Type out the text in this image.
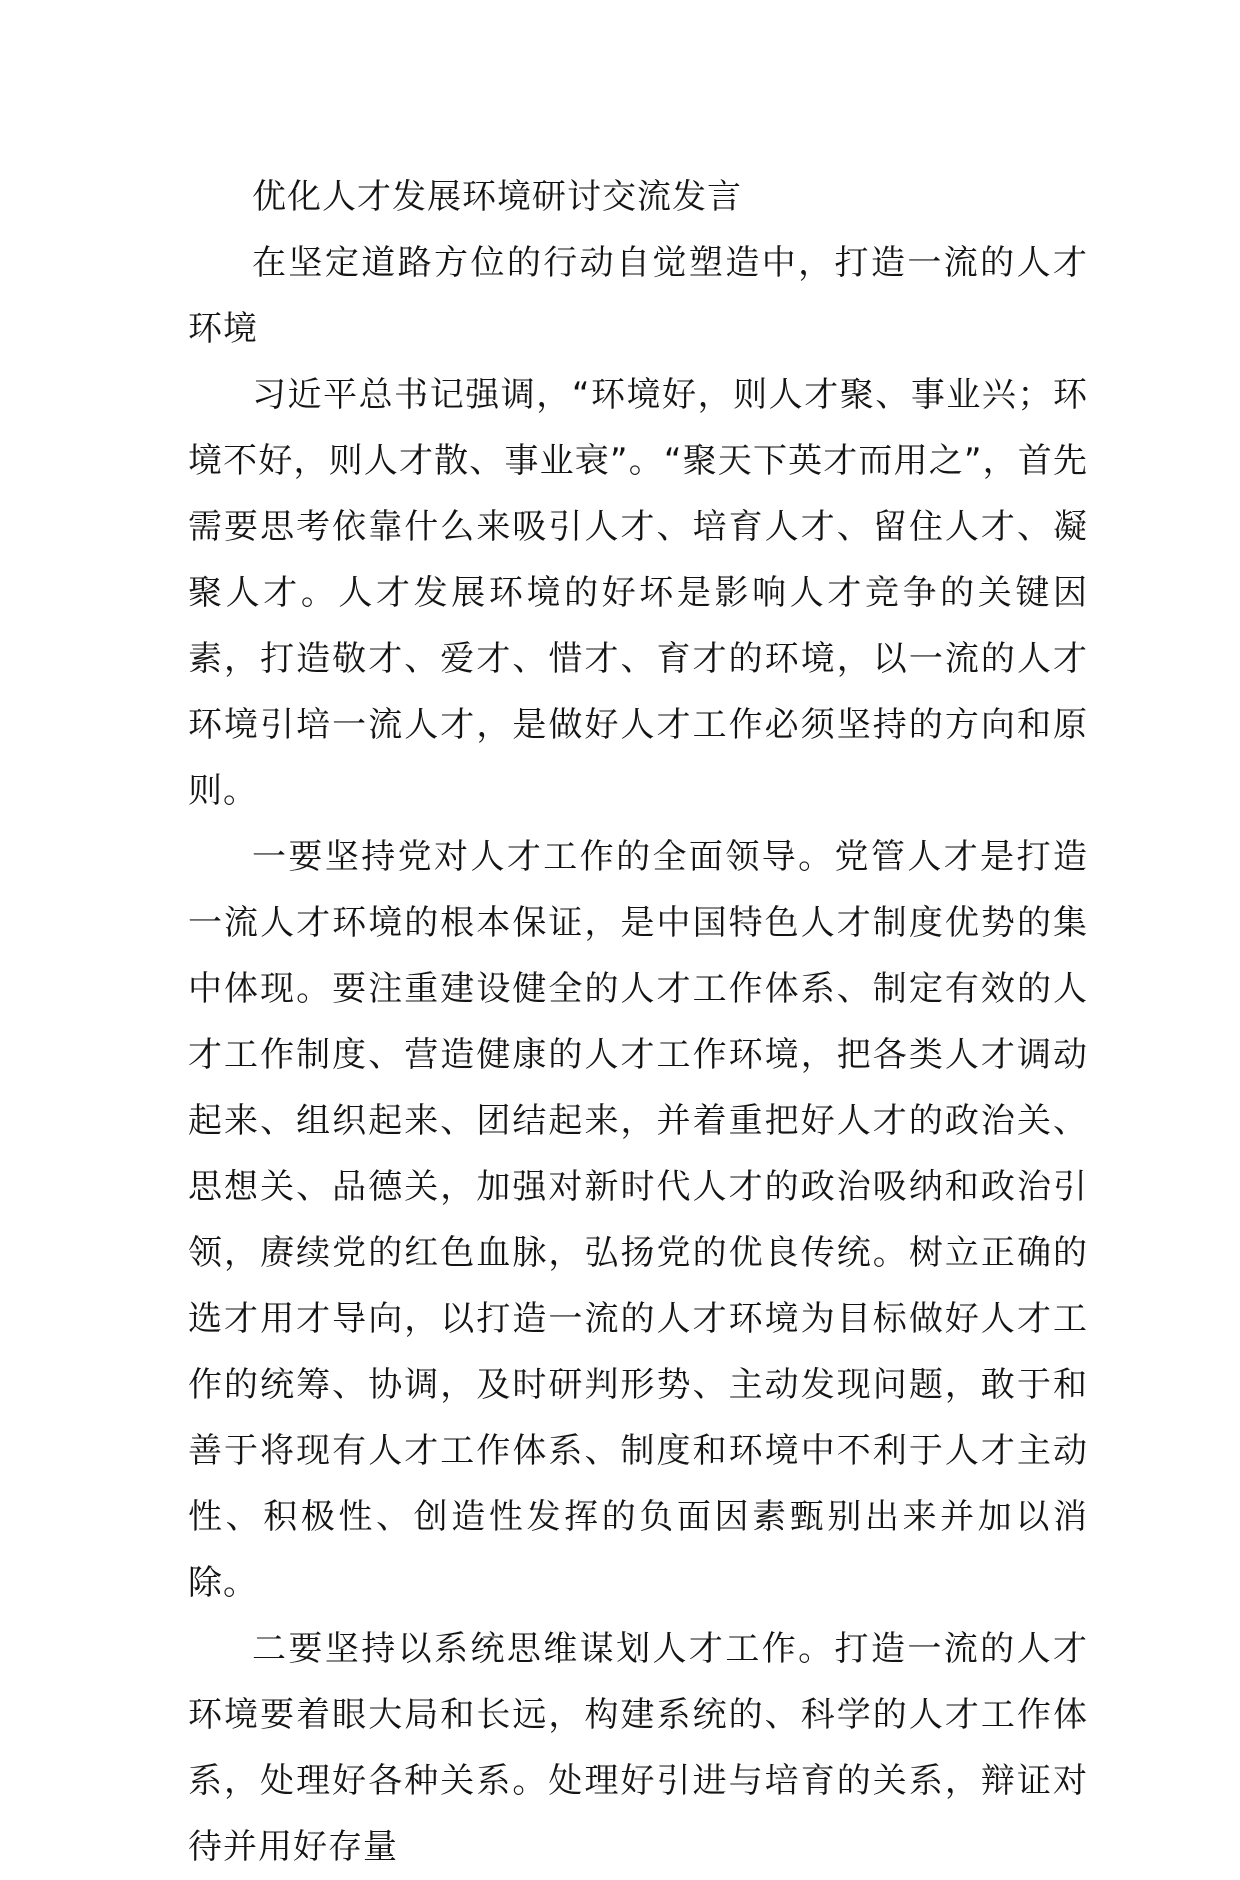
优化人才发展环境研讨交流发言

在坚定道路方位的行动自觉塑造中，打造一流的人才环境

习近平总书记强调，“环境好，则人才聚、事业兴；环境不好，则人才散、事业衰”。“聚天下英才而用之”，首先需要思考依靠什么来吸引人才、培育人才、留住人才、凝聚人才。人才发展环境的好坏是影响人才竞争的关键因素，打造敬才、爱才、惜才、育才的环境，以一流的人才环境引培一流人才，是做好人才工作必须坚持的方向和原则。

一要坚持党对人才工作的全面领导。党管人才是打造一流人才环境的根本保证，是中国特色人才制度优势的集中体现。要注重建设健全的人才工作体系、制定有效的人才工作制度、营造健康的人才工作环境，把各类人才调动起来、组织起来、团结起来，并着重把好人才的政治关、思想关、品德关，加强对新时代人才的政治吸纳和政治引领，赓续党的红色血脉，弘扬党的优良传统。树立正确的选才用才导向，以打造一流的人才环境为目标做好人才工作的统筹、协调，及时研判形势、主动发现问题，敢于和善于将现有人才工作体系、制度和环境中不利于人才主动性、积极性、创造性发挥的负面因素甄别出来并加以消除。

二要坚持以系统思维谋划人才工作。打造一流的人才环境要着眼大局和长远，构建系统的、科学的人才工作体系，处理好各种关系。处理好引进与培育的关系，辩证对待并用好存量
